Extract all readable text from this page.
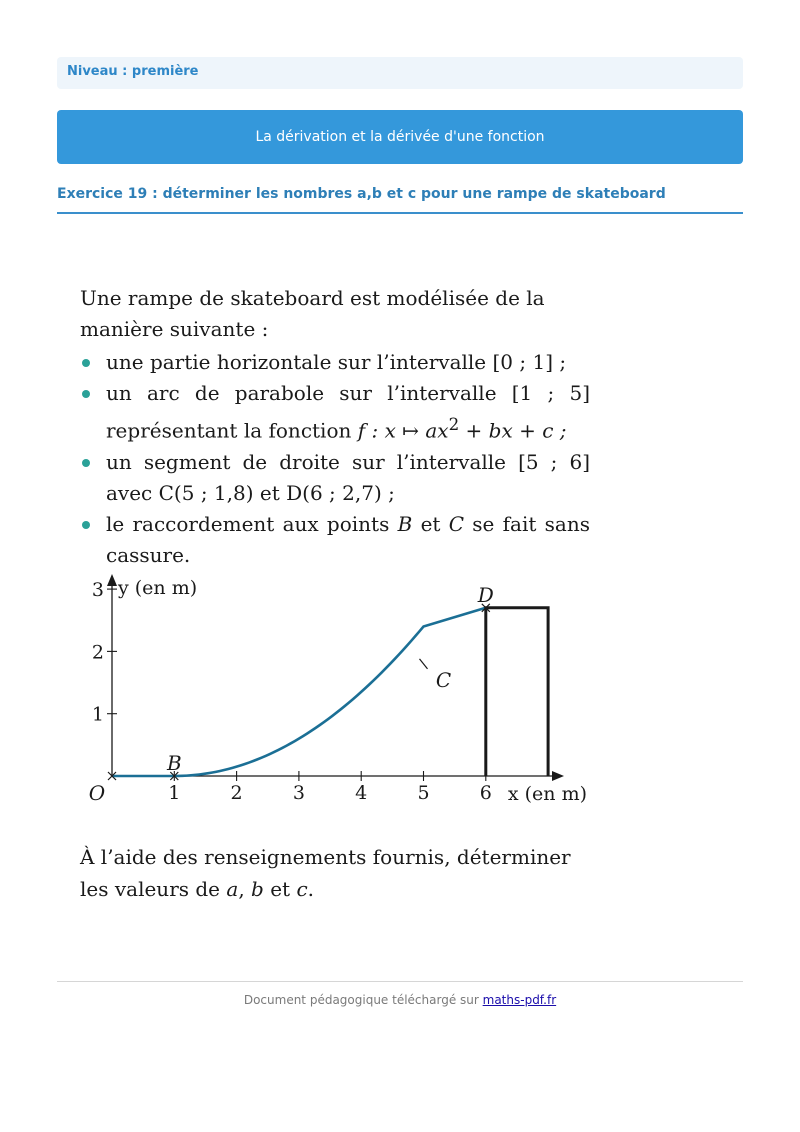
Niveau : première
La dérivation et la dérivée d'une fonction
Exercice 19 : déterminer les nombres a,b et c pour une rampe de skateboard

Une rampe de skateboard est modélisée de la manière suivante :

une partie horizontale sur l’intervalle [0 ; 1] ;
un arc de parabole sur l’intervalle [1 ; 5] représentant la fonction f : x ↦ $ax^2$ + bx + c ;
un segment de droite sur l’intervalle [5 ; 6] avec C(5 ; 1,8) et D(6 ; 2,7) ;
le raccordement aux points B et C se fait sans cassure.
1	2	3	4	5	6
1
2
3
O
B
C
D
y (en m)
x (en m)
À l’aide des renseignements fournis, déterminer les valeurs de a, b et c.
Document pédagogique téléchargé sur maths-pdf.fr
